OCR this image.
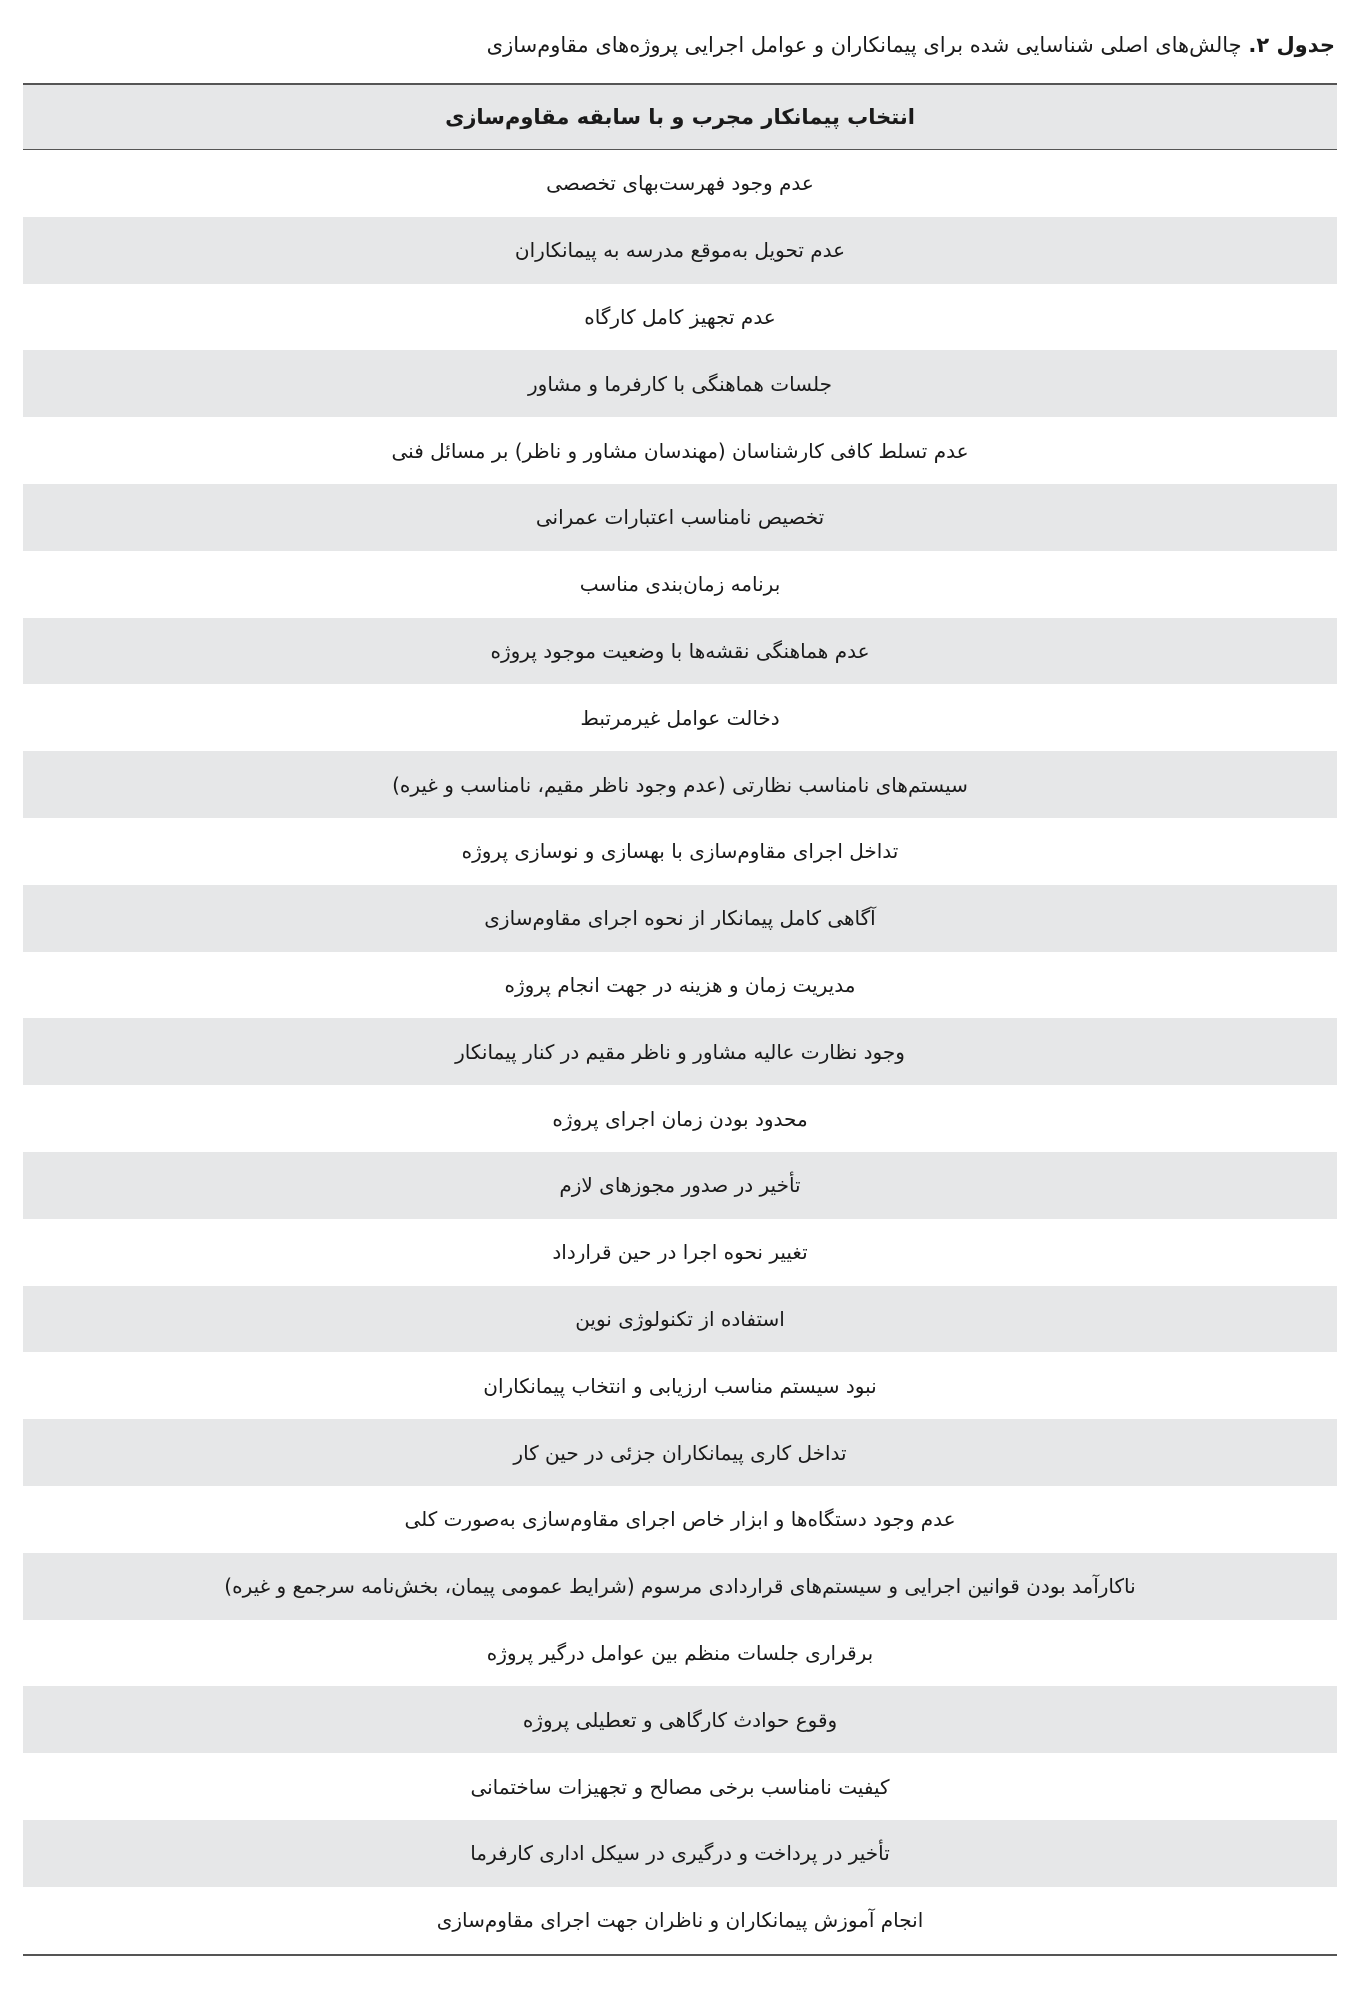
جدول ۲. چالش‌های اصلی شناسایی شده برای پیمانکاران و عوامل اجرایی پروژه‌های مقاوم‌سازی
انتخاب پیمانکار مجرب و با سابقه مقاوم‌سازی
عدم وجود فهرست‌بهای تخصصی
عدم تحویل به‌موقع مدرسه به پیمانکاران
عدم تجهیز کامل کارگاه
جلسات هماهنگی با کارفرما و مشاور
عدم تسلط کافی کارشناسان (مهندسان مشاور و ناظر) بر مسائل فنی
تخصیص نامناسب اعتبارات عمرانی
برنامه زمان‌بندی مناسب
عدم هماهنگی نقشه‌ها با وضعیت موجود پروژه
دخالت عوامل غیرمرتبط
سیستم‌های نامناسب نظارتی (عدم وجود ناظر مقیم، نامناسب و غیره)
تداخل اجرای مقاوم‌سازی با بهسازی و نوسازی پروژه
آگاهی کامل پیمانکار از نحوه اجرای مقاوم‌سازی
مدیریت زمان و هزینه در جهت انجام پروژه
وجود نظارت عالیه مشاور و ناظر مقیم در کنار پیمانکار
محدود بودن زمان اجرای پروژه
تأخیر در صدور مجوزهای لازم
تغییر نحوه اجرا در حین قرارداد
استفاده از تکنولوژی نوین
نبود سیستم مناسب ارزیابی و انتخاب پیمانکاران
تداخل کاری پیمانکاران جزئی در حین کار
عدم وجود دستگاه‌ها و ابزار خاص اجرای مقاوم‌سازی به‌صورت کلی
ناکارآمد بودن قوانین اجرایی و سیستم‌های قراردادی مرسوم (شرایط عمومی پیمان، بخش‌نامه سرجمع و غیره)
برقراری جلسات منظم بین عوامل درگیر پروژه
وقوع حوادث کارگاهی و تعطیلی پروژه
کیفیت نامناسب برخی مصالح و تجهیزات ساختمانی
تأخیر در پرداخت و درگیری در سیکل اداری کارفرما
انجام آموزش پیمانکاران و ناظران جهت اجرای مقاوم‌سازی
